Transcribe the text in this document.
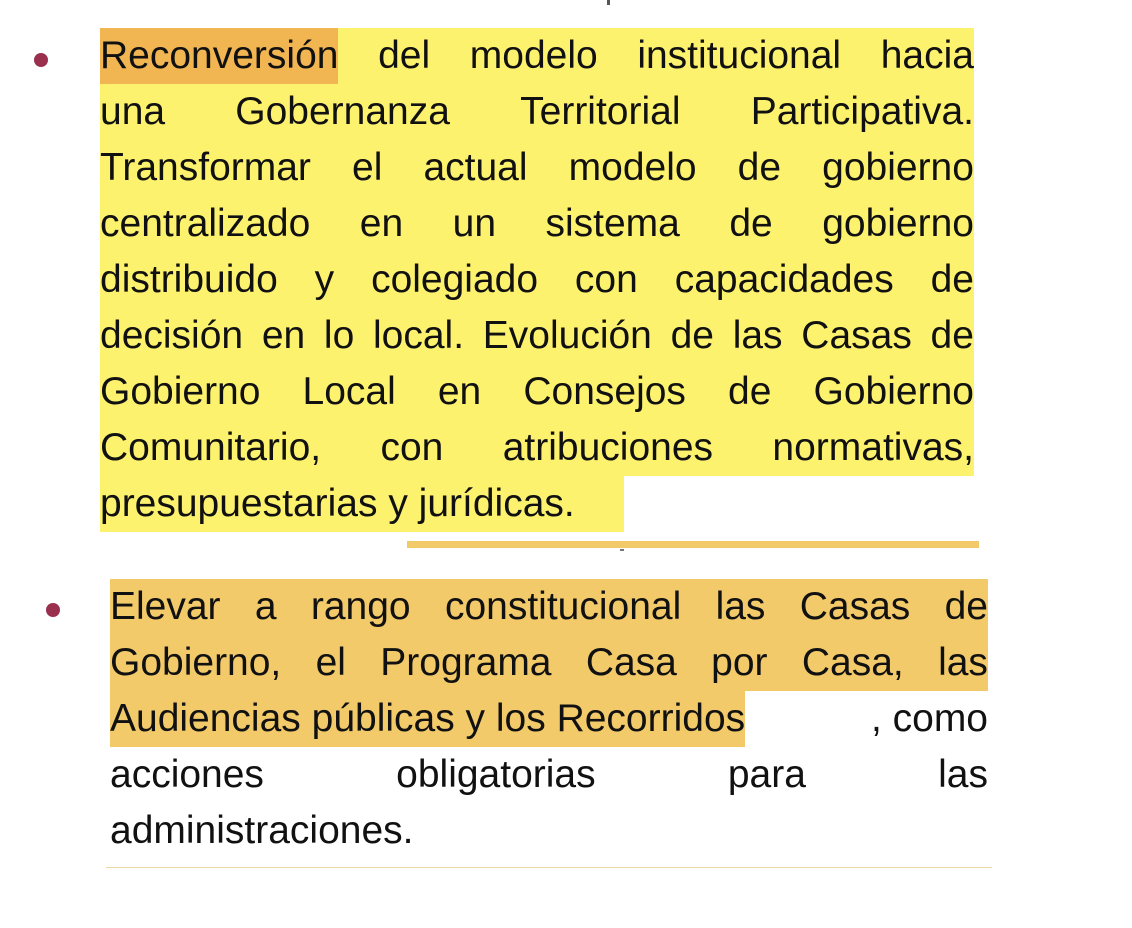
Reconversión del modelo institucional hacia
una Gobernanza Territorial Participativa.
Transformar el actual modelo de gobierno
centralizado en un sistema de gobierno
distribuido y colegiado con capacidades de
decisión en lo local. Evolución de las Casas de
Gobierno Local en Consejos de Gobierno
Comunitario, con atribuciones normativas,
presupuestarias y jurídicas.
Elevar a rango constitucional las Casas de
Gobierno, el Programa Casa por Casa, las
Audiencias públicas y los Recorridos	, como
acciones	obligatorias	para	las
administraciones.
